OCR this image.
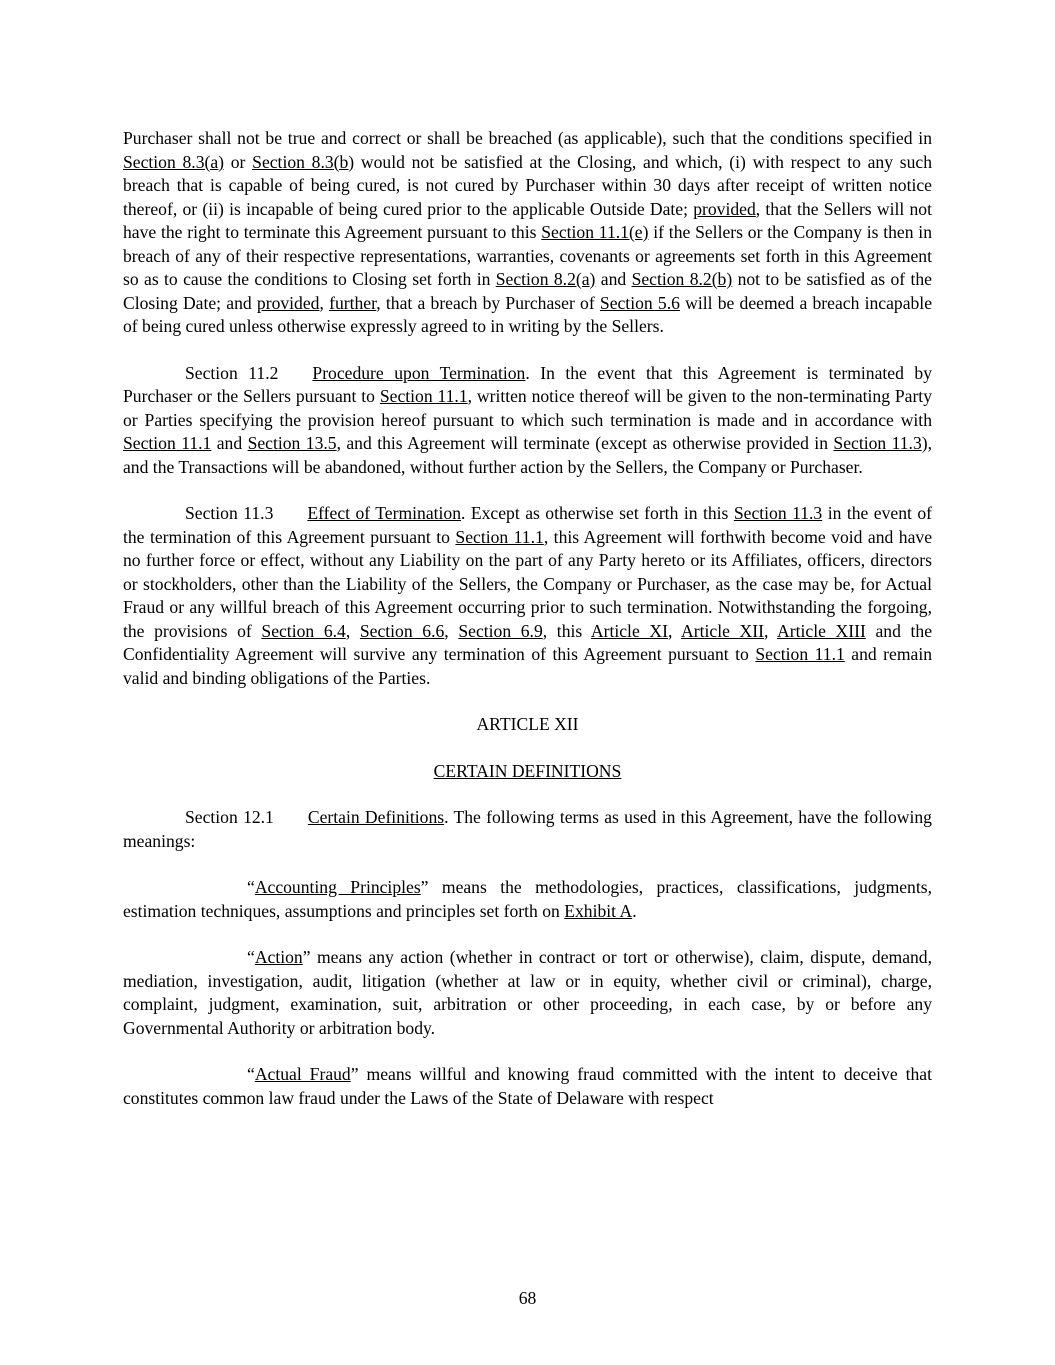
Purchaser shall not be true and correct or shall be breached (as applicable), such that the conditions specified in Section 8.3(a) or Section 8.3(b) would not be satisfied at the Closing, and which, (i) with respect to any such breach that is capable of being cured, is not cured by Purchaser within 30 days after receipt of written notice thereof, or (ii) is incapable of being cured prior to the applicable Outside Date; provided, that the Sellers will not have the right to terminate this Agreement pursuant to this Section 11.1(e) if the Sellers or the Company is then in breach of any of their respective representations, warranties, covenants or agreements set forth in this Agreement so as to cause the conditions to Closing set forth in Section 8.2(a) and Section 8.2(b) not to be satisfied as of the Closing Date; and provided, further, that a breach by Purchaser of Section 5.6 will be deemed a breach incapable of being cured unless otherwise expressly agreed to in writing by the Sellers.

Section 11.2 Procedure upon Termination. In the event that this Agreement is terminated by Purchaser or the Sellers pursuant to Section 11.1, written notice thereof will be given to the non-terminating Party or Parties specifying the provision hereof pursuant to which such termination is made and in accordance with Section 11.1 and Section 13.5, and this Agreement will terminate (except as otherwise provided in Section 11.3), and the Transactions will be abandoned, without further action by the Sellers, the Company or Purchaser.

Section 11.3 Effect of Termination. Except as otherwise set forth in this Section 11.3 in the event of the termination of this Agreement pursuant to Section 11.1, this Agreement will forthwith become void and have no further force or effect, without any Liability on the part of any Party hereto or its Affiliates, officers, directors or stockholders, other than the Liability of the Sellers, the Company or Purchaser, as the case may be, for Actual Fraud or any willful breach of this Agreement occurring prior to such termination. Notwithstanding the forgoing, the provisions of Section 6.4, Section 6.6, Section 6.9, this Article XI, Article XII, Article XIII and the Confidentiality Agreement will survive any termination of this Agreement pursuant to Section 11.1 and remain valid and binding obligations of the Parties.

ARTICLE XII
CERTAIN DEFINITIONS

Section 12.1 Certain Definitions. The following terms as used in this Agreement, have the following meanings:

“Accounting Principles” means the methodologies, practices, classifications, judgments, estimation techniques, assumptions and principles set forth on Exhibit A.

“Action” means any action (whether in contract or tort or otherwise), claim, dispute, demand, mediation, investigation, audit, litigation (whether at law or in equity, whether civil or criminal), charge, complaint, judgment, examination, suit, arbitration or other proceeding, in each case, by or before any Governmental Authority or arbitration body.

“Actual Fraud” means willful and knowing fraud committed with the intent to deceive that constitutes common law fraud under the Laws of the State of Delaware with respect

68
